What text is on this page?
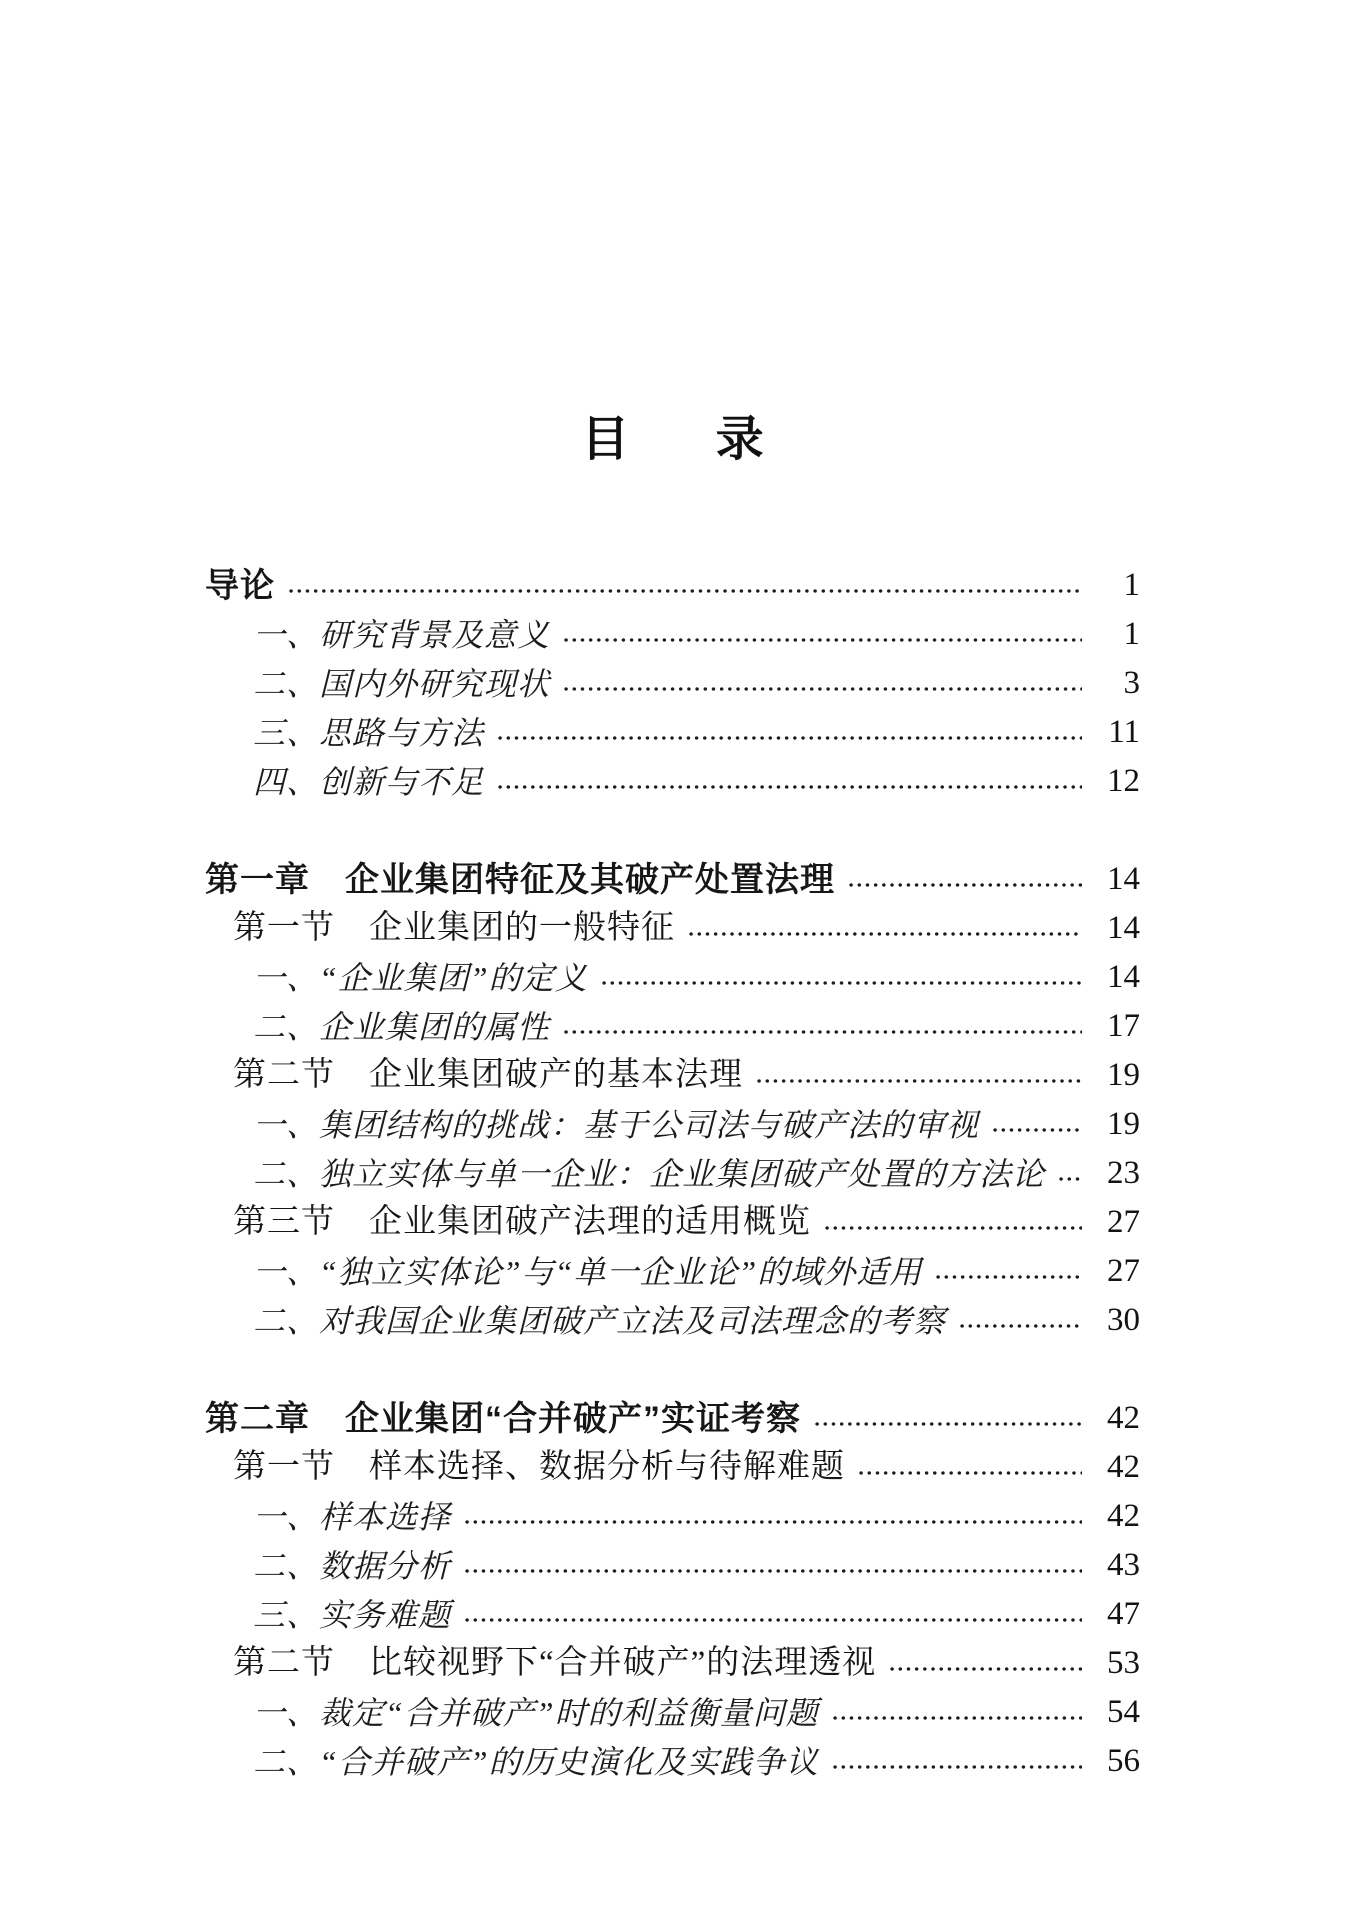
目　录
导论	1
一、研究背景及意义	1
二、国内外研究现状	3
三、思路与方法	11
四、创新与不足	12
第一章　企业集团特征及其破产处置法理	14
第一节　企业集团的一般特征	14
一、“企业集团”的定义	14
二、企业集团的属性	17
第二节　企业集团破产的基本法理	19
一、集团结构的挑战：基于公司法与破产法的审视	19
二、独立实体与单一企业：企业集团破产处置的方法论	23
第三节　企业集团破产法理的适用概览	27
一、“独立实体论”与“单一企业论”的域外适用	27
二、对我国企业集团破产立法及司法理念的考察	30
第二章　企业集团“合并破产”实证考察	42
第一节　样本选择、数据分析与待解难题	42
一、样本选择	42
二、数据分析	43
三、实务难题	47
第二节　比较视野下“合并破产”的法理透视	53
一、裁定“合并破产”时的利益衡量问题	54
二、“合并破产”的历史演化及实践争议	56
